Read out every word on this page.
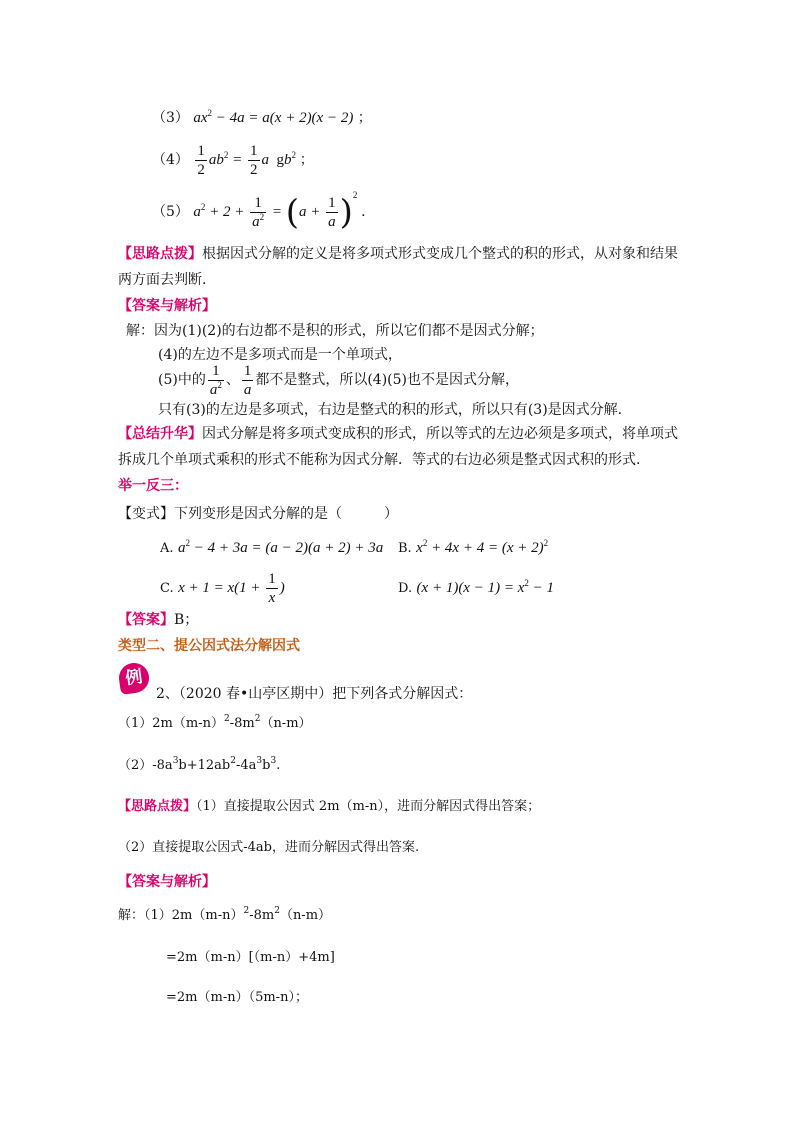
（3） $ax^2 - 4a = a(x + 2)(x - 2)$ ；
$(4) \frac{1}{2} ab^2 = \frac{1}{2}$ a  $gb^2$ ；
（5） $a^2 + 2 + \frac{1}{a^2} = (a + \frac{1}{a} )^2$ .
【思路点拨】根据因式分解的定义是将多项式形式变成几个整式的积的形式，从对象和结果
两方面去判断.
【答案与解析】
解：因为(1)(2)的右边都不是积的形式，所以它们都不是因式分解；
(4)的左边不是多项式而是一个单项式，
(5)中的 $\frac{1}{a^2}$ 、 $\frac{1}{a}$ 都不是整式，所以(4)(5)也不是因式分解，
只有(3)的左边是多项式，右边是整式的积的形式，所以只有(3)是因式分解.
【总结升华】因式分解是将多项式变成积的形式，所以等式的左边必须是多项式，将单项式
拆成几个单项式乘积的形式不能称为因式分解．等式的右边必须是整式因式积的形式.
举一反三：
【变式】下列变形是因式分解的是（　　　）
A. $a^2 - 4 + 3a = (a - 2)(a + 2) + 3a$ B. $x^2 + 4x + 4 = (x + 2)^2$
C. $x + 1 = x(1 + \frac{1}{x}$ )	D. $(x + 1)(x - 1) = x^2 - 1$
【答案】B；
类型二、提公因式法分解因式
例
2、（2020 春•山亭区期中）把下列各式分解因式：
$(1)2m(m-n)^2-8m^2(n-m)$
$(2)-8a^3b+12ab^2-4a^3b^3$.
【思路点拨】（1）直接提取公因式 2m（m-n），进而分解因式得出答案；
（2）直接提取公因式-4ab，进而分解因式得出答案.
【答案与解析】
解：$(1)2m(m-n)^2-8m^2(n-m)$
=2m（m-n）[（m-n）+4m]
=2m（m-n）（5m-n）；
